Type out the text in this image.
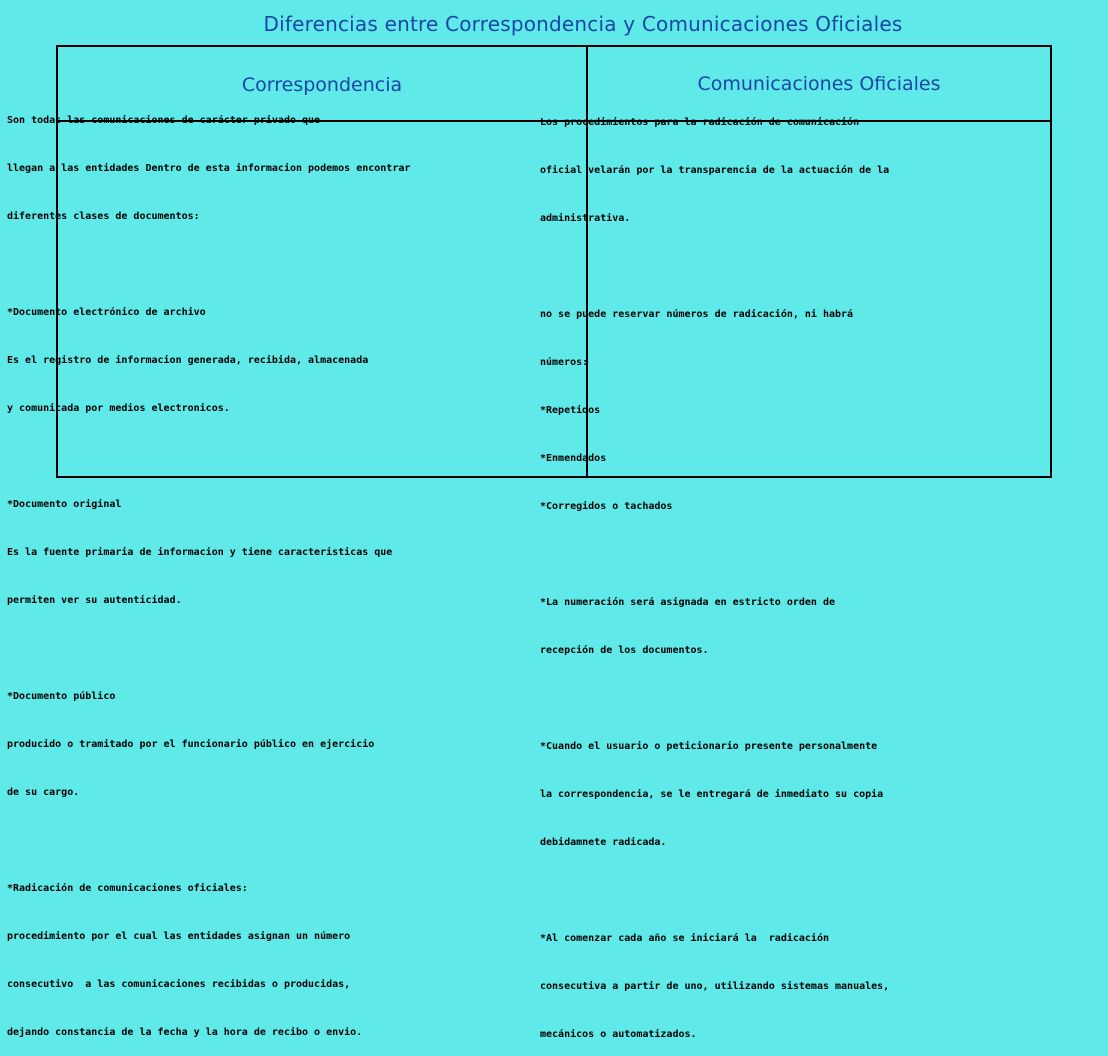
Diferencias entre Correspondencia y Comunicaciones Oficiales
Correspondencia	Comunicaciones Oficiales

Son todas las comunicaciones de carácter privado que

llegan a las entidades Dentro de esta informacion podemos encontrar

diferentes clases de documentos:

*Documento electrónico de archivo

Es el registro de informacion generada, recibida, almacenada

y comunicada por medios electronicos.

*Documento original

Es la fuente primaria de informacion y tiene caracteristicas que

permiten ver su autenticidad.

*Documento público

producido o tramitado por el funcionario público en ejercicio

de su cargo.

*Radicación de comunicaciones oficiales:

procedimiento por el cual las entidades asignan un número

consecutivo  a las comunicaciones recibidas o producidas,

dejando constancia de la fecha y la hora de recibo o envio.

Los procedimientos para la radicación de comunicación

oficial velarán por la transparencia de la actuación de la

administrativa.

no se puede reservar números de radicación, ni habrá

números:

*Repetidos

*Enmendados

*Corregidos o tachados

*La numeración será asignada en estricto orden de

recepción de los documentos.

*Cuando el usuario o peticionario presente personalmente

la correspondencia, se le entregará de inmediato su copia

debidamnete radicada.

*Al comenzar cada año se iniciará la  radicación

consecutiva a partir de uno, utilizando sistemas manuales,

mecánicos o automatizados.
